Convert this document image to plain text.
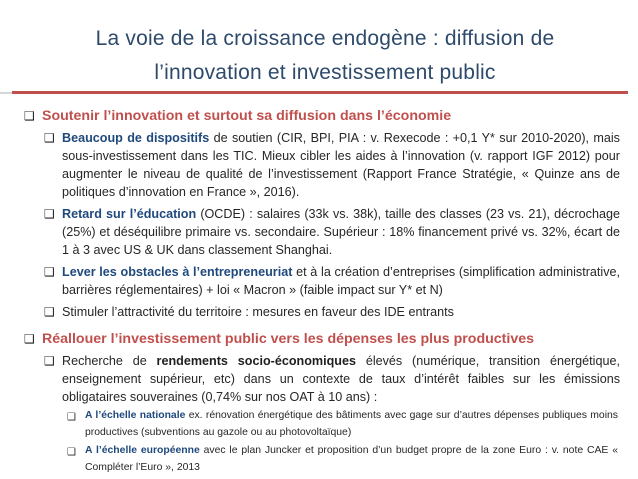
La voie de la croissance endogène : diffusion de
l’innovation et investissement public
❑ Soutenir l’innovation et surtout sa diffusion dans l’économie
❑ Beaucoup de dispositifs de soutien (CIR, BPI, PIA : v. Rexecode : +0,1 Y* sur 2010-2020), mais sous-investissement dans les TIC. Mieux cibler les aides à l’innovation (v. rapport IGF 2012) pour augmenter le niveau de qualité de l’investissement (Rapport France Stratégie, « Quinze ans de politiques d’innovation en France », 2016).
❑ Retard sur l’éducation (OCDE) : salaires (33k vs. 38k), taille des classes (23 vs. 21), décrochage (25%) et déséquilibre primaire vs. secondaire. Supérieur : 18% financement privé vs. 32%, écart de 1 à 3 avec US & UK dans classement Shanghai.
❑ Lever les obstacles à l’entrepreneuriat et à la création d’entreprises (simplification administrative, barrières réglementaires) + loi « Macron » (faible impact sur Y* et N)
❑ Stimuler l’attractivité du territoire : mesures en faveur des IDE entrants
❑ Réallouer l’investissement public vers les dépenses les plus productives
❑ Recherche de rendements socio-économiques élevés (numérique, transition énergétique, enseignement supérieur, etc) dans un contexte de taux d’intérêt faibles sur les émissions obligataires souveraines (0,74% sur nos OAT à 10 ans) :
❑ A l’échelle nationale ex. rénovation énergétique des bâtiments avec gage sur d’autres dépenses publiques moins productives (subventions au gazole ou au photovoltaïque)
❑ A l’échelle européenne avec le plan Juncker et proposition d’un budget propre de la zone Euro : v. note CAE « Compléter l’Euro », 2013
